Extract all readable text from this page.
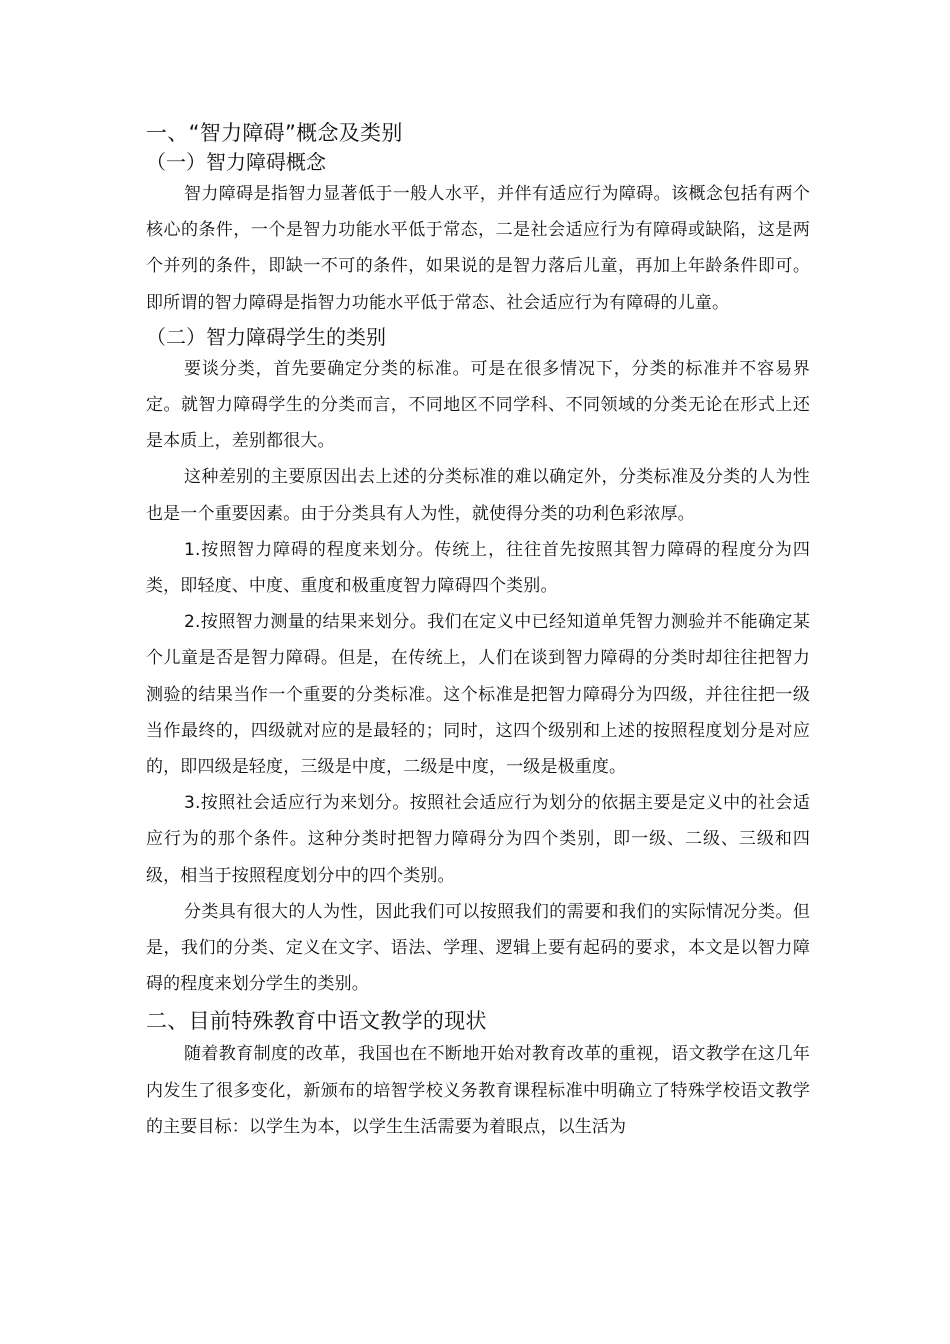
一、“智力障碍”概念及类别
（一）智力障碍概念

智力障碍是指智力显著低于一般人水平，并伴有适应行为障碍。该概念包括有两个核心的条件，一个是智力功能水平低于常态，二是社会适应行为有障碍或缺陷，这是两个并列的条件，即缺一不可的条件，如果说的是智力落后儿童，再加上年龄条件即可。即所谓的智力障碍是指智力功能水平低于常态、社会适应行为有障碍的儿童。

（二）智力障碍学生的类别

要谈分类，首先要确定分类的标准。可是在很多情况下，分类的标准并不容易界定。就智力障碍学生的分类而言，不同地区不同学科、不同领域的分类无论在形式上还是本质上，差别都很大。

这种差别的主要原因出去上述的分类标准的难以确定外，分类标准及分类的人为性也是一个重要因素。由于分类具有人为性，就使得分类的功利色彩浓厚。

1.按照智力障碍的程度来划分。传统上，往往首先按照其智力障碍的程度分为四类，即轻度、中度、重度和极重度智力障碍四个类别。

2.按照智力测量的结果来划分。我们在定义中已经知道单凭智力测验并不能确定某个儿童是否是智力障碍。但是，在传统上，人们在谈到智力障碍的分类时却往往把智力测验的结果当作一个重要的分类标准。这个标准是把智力障碍分为四级，并往往把一级当作最终的，四级就对应的是最轻的；同时，这四个级别和上述的按照程度划分是对应的，即四级是轻度，三级是中度，二级是中度，一级是极重度。

3.按照社会适应行为来划分。按照社会适应行为划分的依据主要是定义中的社会适应行为的那个条件。这种分类时把智力障碍分为四个类别，即一级、二级、三级和四级，相当于按照程度划分中的四个类别。

分类具有很大的人为性，因此我们可以按照我们的需要和我们的实际情况分类。但是，我们的分类、定义在文字、语法、学理、逻辑上要有起码的要求，本文是以智力障碍的程度来划分学生的类别。

二、目前特殊教育中语文教学的现状

随着教育制度的改革，我国也在不断地开始对教育改革的重视，语文教学在这几年内发生了很多变化，新颁布的培智学校义务教育课程标准中明确立了特殊学校语文教学的主要目标：以学生为本，以学生生活需要为着眼点，以生活为
